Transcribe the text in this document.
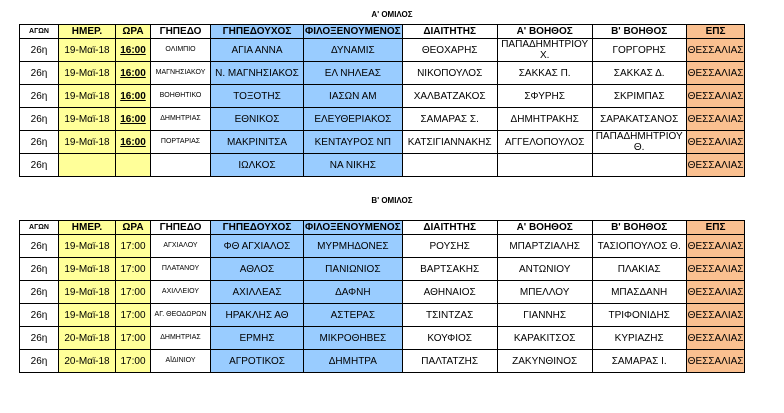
Α' ΟΜΙΛΟΣ
ΑΓΩΝ	ΗΜΕΡ.	ΩΡΑ	ΓΗΠΕΔΟ	ΓΗΠΕΔΟΥΧΟΣ	ΦΙΛΟΞΕΝΟΥΜΕΝΟΣ	ΔΙΑΙΤΗΤΗΣ	Α' ΒΟΗΘΟΣ	Β' ΒΟΗΘΟΣ	ΕΠΣ
26η	19-Μαϊ-18	16:00	ΟΛΙΜΠΙΟ	ΑΓΙΑ ΑΝΝΑ	ΔΥΝΑΜΙΣ	ΘΕΟΧΑΡΗΣ	ΠΑΠΑΔΗΜΗΤΡΙΟΥ Χ.	ΓΟΡΓΟΡΗΣ	ΘΕΣΣΑΛΙΑΣ
26η	19-Μαϊ-18	16:00	ΜΑΓΝΗΣΙΑΚΟΥ	Ν. ΜΑΓΝΗΣΙΑΚΟΣ	ΕΛ ΝΗΛΕΑΣ	ΝΙΚΟΠΟΥΛΟΣ	ΣΑΚΚΑΣ Π.	ΣΑΚΚΑΣ Δ.	ΘΕΣΣΑΛΙΑΣ
26η	19-Μαϊ-18	16:00	ΒΟΗΘΗΤΙΚΟ	ΤΟΞΟΤΗΣ	ΙΑΣΩΝ ΑΜ	ΧΑΛΒΑΤΖΑΚΟΣ	ΣΦΥΡΗΣ	ΣΚΡΙΜΠΑΣ	ΘΕΣΣΑΛΙΑΣ
26η	19-Μαϊ-18	16:00	ΔΗΜΗΤΡΙΑΣ	ΕΘΝΙΚΟΣ	ΕΛΕΥΘΕΡΙΑΚΟΣ	ΣΑΜΑΡΑΣ Σ.	ΔΗΜΗΤΡΑΚΗΣ	ΣΑΡΑΚΑΤΣΑΝΟΣ	ΘΕΣΣΑΛΙΑΣ
26η	19-Μαϊ-18	16:00	ΠΟΡΤΑΡΙΑΣ	ΜΑΚΡΙΝΙΤΣΑ	ΚΕΝΤΑΥΡΟΣ ΝΠ	ΚΑΤΣΙΓΙΑΝΝΑΚΗΣ	ΑΓΓΕΛΟΠΟΥΛΟΣ	ΠΑΠΑΔΗΜΗΤΡΙΟΥ Θ.	ΘΕΣΣΑΛΙΑΣ
26η				ΙΩΛΚΟΣ	ΝΑ ΝΙΚΗΣ				ΘΕΣΣΑΛΙΑΣ
Β' ΟΜΙΛΟΣ
ΑΓΩΝ	ΗΜΕΡ.	ΩΡΑ	ΓΗΠΕΔΟ	ΓΗΠΕΔΟΥΧΟΣ	ΦΙΛΟΞΕΝΟΥΜΕΝΟΣ	ΔΙΑΙΤΗΤΗΣ	Α' ΒΟΗΘΟΣ	Β' ΒΟΗΘΟΣ	ΕΠΣ
26η	19-Μαϊ-18	17:00	ΑΓΧΙΑΛΟΥ	ΦΘ ΑΓΧΙΑΛΟΣ	ΜΥΡΜΗΔΟΝΕΣ	ΡΟΥΣΗΣ	ΜΠΑΡΤΖΙΑΛΗΣ	ΤΑΣΙΟΠΟΥΛΟΣ Θ.	ΘΕΣΣΑΛΙΑΣ
26η	19-Μαϊ-18	17:00	ΠΛΑΤΑΝΟΥ	ΑΘΛΟΣ	ΠΑΝΙΩΝΙΟΣ	ΒΑΡΤΣΑΚΗΣ	ΑΝΤΩΝΙΟΥ	ΠΛΑΚΙΑΣ	ΘΕΣΣΑΛΙΑΣ
26η	19-Μαϊ-18	17:00	ΑΧΙΛΛΕΙΟΥ	ΑΧΙΛΛΕΑΣ	ΔΑΦΝΗ	ΑΘΗΝΑΙΟΣ	ΜΠΕΛΛΟΥ	ΜΠΑΣΔΑΝΗ	ΘΕΣΣΑΛΙΑΣ
26η	19-Μαϊ-18	17:00	ΑΓ. ΘΕΟΔΩΡΩΝ	ΗΡΑΚΛΗΣ ΑΘ	ΑΣΤΕΡΑΣ	ΤΣΙΝΤΖΑΣ	ΓΙΑΝΝΗΣ	ΤΡΙΦΟΝΙΔΗΣ	ΘΕΣΣΑΛΙΑΣ
26η	20-Μαϊ-18	17:00	ΔΗΜΗΤΡΙΑΣ	ΕΡΜΗΣ	ΜΙΚΡΟΘΗΒΕΣ	ΚΟΥΦΙΟΣ	ΚΑΡΑΚΙΤΣΟΣ	ΚΥΡΙΑΖΗΣ	ΘΕΣΣΑΛΙΑΣ
26η	20-Μαϊ-18	17:00	ΑΪΔΙΝΙΟΥ	ΑΓΡΟΤΙΚΟΣ	ΔΗΜΗΤΡΑ	ΠΑΛΤΑΤΖΗΣ	ΖΑΚΥΝΘΙΝΟΣ	ΣΑΜΑΡΑΣ Ι.	ΘΕΣΣΑΛΙΑΣ
